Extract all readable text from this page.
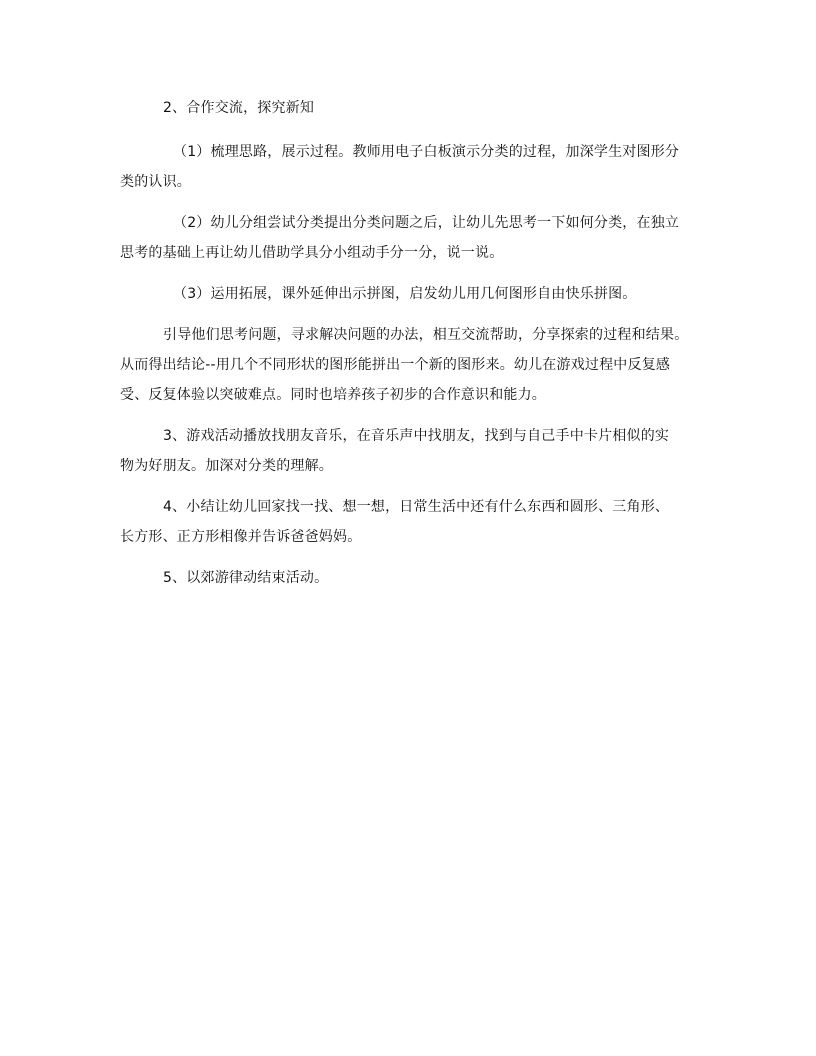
2、合作交流，探究新知

（1）梳理思路，展示过程。教师用电子白板演示分类的过程，加深学生对图形分
类的认识。

（2）幼儿分组尝试分类提出分类问题之后，让幼儿先思考一下如何分类，在独立
思考的基础上再让幼儿借助学具分小组动手分一分，说一说。

（3）运用拓展，课外延伸出示拼图，启发幼儿用几何图形自由快乐拼图。

引导他们思考问题，寻求解决问题的办法，相互交流帮助，分享探索的过程和结果。
从而得出结论--用几个不同形状的图形能拼出一个新的图形来。幼儿在游戏过程中反复感
受、反复体验以突破难点。同时也培养孩子初步的合作意识和能力。

3、游戏活动播放找朋友音乐，在音乐声中找朋友，找到与自己手中卡片相似的实
物为好朋友。加深对分类的理解。

4、小结让幼儿回家找一找、想一想，日常生活中还有什么东西和圆形、三角形、
长方形、正方形相像并告诉爸爸妈妈。

5、以郊游律动结束活动。
